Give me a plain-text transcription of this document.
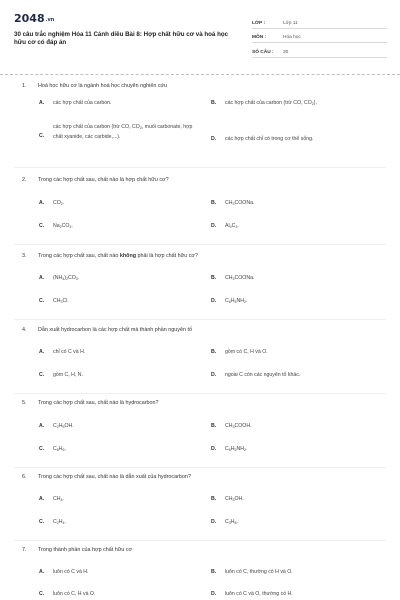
2048.vn
30 câu trắc nghiệm Hóa 11 Cánh diều Bài 8: Hợp chất hữu cơ và hoá học hữu cơ có đáp án
LỚP :	Lớp 11
MÔN :	Hóa học
SỐ CÂU :	30
1. Hoá học hữu cơ là ngành hoá học chuyên nghiên cứu
A. các hợp chất của carbon.	B. các hợp chất của carbon (trừ CO, $CO_2$).
C.
các hợp chất của carbon (trừ CO, $CO_2$, muối carbonate, hợp chất xyanide, các carbide,...).	D. các hợp chất chỉ có trong cơ thể sống.
2. Trong các hợp chất sau, chất nào là hợp chất hữu cơ?
A. $CO_2$.	B. $CH_3COONa$.
C. $Na_2CO_3$.	D. $Al_4C_3$.
3. Trong các hợp chất sau, chất nào không phải là hợp chất hữu cơ?
A. $(NH_4)_2CO_3$.	B. $CH_3COONa$.
C. $CH_3Cl$.	D. $C_6H_5NH_2$.
4. Dẫn xuất hydrocarbon là các hợp chất mà thành phần nguyên tố
A. chỉ có C và H.	B. gồm có C, H và O.
C. gồm C, H, N.	D. ngoài C còn các nguyên tố khác.
5. Trong các hợp chất sau, chất nào là hydrocarbon?
A. $C_2H_5OH$.	B. $CH_3COOH$.
C. $C_6H_6$.	D. $C_6H_5NH_2$.
6. Trong các hợp chất sau, chất nào là dẫn xuất của hydrocarbon?
A. $CH_4$.	B. $CH_3OH$.
C. $C_2H_4$.	D. $C_3H_8$.
7. Trong thành phần của hợp chất hữu cơ
A. luôn có C và H.	B. luôn có C, thường có H và O.
C. luôn có C, H và O.	D. luôn có C và O, thường có H.
